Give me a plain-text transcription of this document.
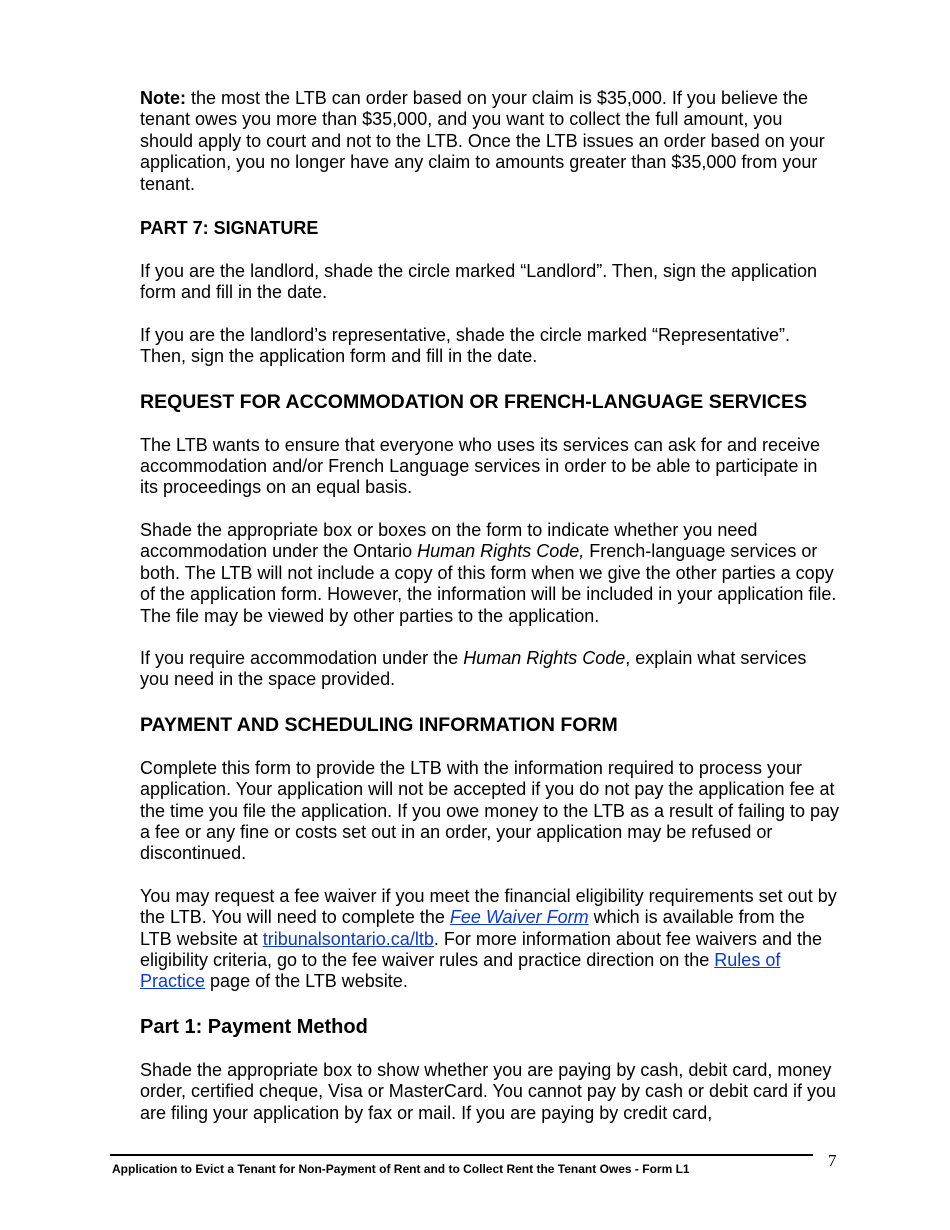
Note: the most the LTB can order based on your claim is $35,000. If you believe the tenant owes you more than $35,000, and you want to collect the full amount, you should apply to court and not to the LTB. Once the LTB issues an order based on your application, you no longer have any claim to amounts greater than $35,000 from your tenant.

PART 7: SIGNATURE

If you are the landlord, shade the circle marked “Landlord”. Then, sign the application form and fill in the date.

If you are the landlord’s representative, shade the circle marked “Representative”. Then, sign the application form and fill in the date.

REQUEST FOR ACCOMMODATION OR FRENCH-LANGUAGE SERVICES

The LTB wants to ensure that everyone who uses its services can ask for and receive accommodation and/or French Language services in order to be able to participate in its proceedings on an equal basis.

Shade the appropriate box or boxes on the form to indicate whether you need accommodation under the Ontario Human Rights Code, French-language services or both. The LTB will not include a copy of this form when we give the other parties a copy of the application form. However, the information will be included in your application file. The file may be viewed by other parties to the application.

If you require accommodation under the Human Rights Code, explain what services you need in the space provided.

PAYMENT AND SCHEDULING INFORMATION FORM

Complete this form to provide the LTB with the information required to process your application. Your application will not be accepted if you do not pay the application fee at the time you file the application. If you owe money to the LTB as a result of failing to pay a fee or any fine or costs set out in an order, your application may be refused or discontinued.

You may request a fee waiver if you meet the financial eligibility requirements set out by the LTB. You will need to complete the Fee Waiver Form which is available from the LTB website at tribunalsontario.ca/ltb. For more information about fee waivers and the eligibility criteria, go to the fee waiver rules and practice direction on the Rules of Practice page of the LTB website.

Part 1: Payment Method

Shade the appropriate box to show whether you are paying by cash, debit card, money order, certified cheque, Visa or MasterCard. You cannot pay by cash or debit card if you are filing your application by fax or mail. If you are paying by credit card,

Application to Evict a Tenant for Non-Payment of Rent and to Collect Rent the Tenant Owes - Form L1	7
